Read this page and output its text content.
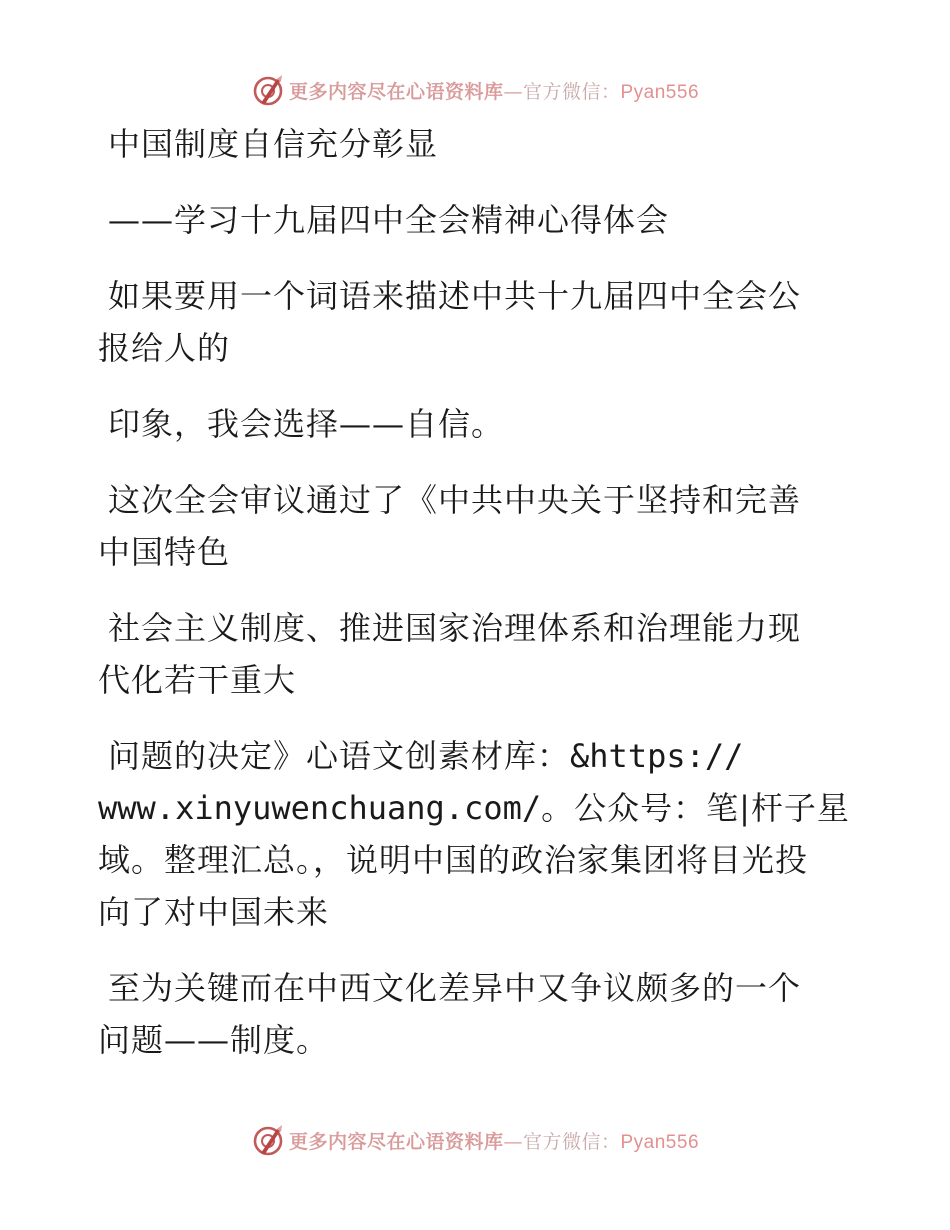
更多内容尽在心语资料库—官方微信：Pyan556
中国制度自信充分彰显
——学习十九届四中全会精神心得体会
如果要用一个词语来描述中共十九届四中全会公
报给人的
印象，我会选择——自信。
这次全会审议通过了《中共中央关于坚持和完善
中国特色
社会主义制度、推进国家治理体系和治理能力现
代化若干重大
问题的决定》心语文创素材库：&https://
www.xinyuwenchuang.com/。公众号：笔|杆子星
域。整理汇总。，说明中国的政治家集团将目光投
向了对中国未来
至为关键而在中西文化差异中又争议颇多的一个
问题——制度。
更多内容尽在心语资料库—官方微信：Pyan556
